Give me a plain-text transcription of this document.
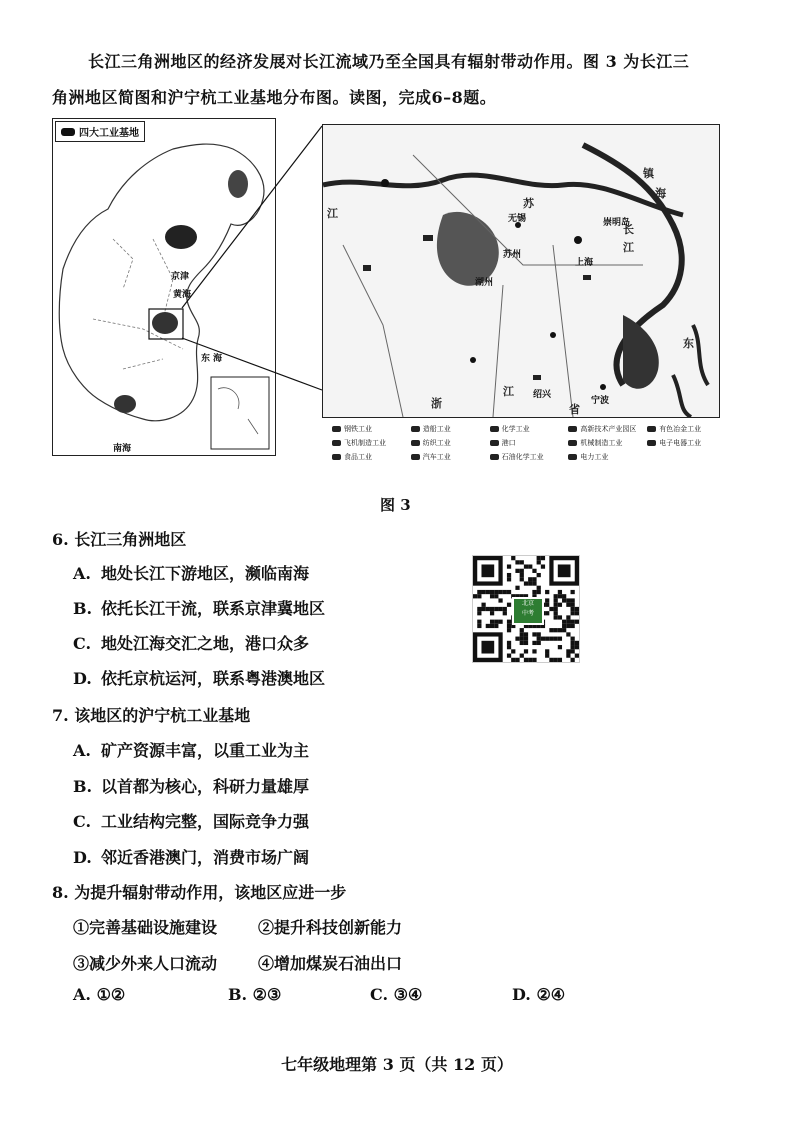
长江三角洲地区的经济发展对长江流域乃至全国具有辐射带动作用。图 3 为长江三
角洲地区简图和沪宁杭工业基地分布图。读图，完成6–8题。
四大工业基地
京津
黄海
东 海
南海
江
苏
镇
海
长
江
东
浙
江
省
无锡
苏州
湖州
绍兴
宁波
上海
崇明岛
钢铁工业	造船工业	化学工业	高新技术产业园区	有色冶金工业
飞机制造工业	纺织工业	港口	机械制造工业	电子电器工业
食品工业	汽车工业	石油化学工业	电力工业
图 3
6. 长江三角洲地区
A. 地处长江下游地区，濒临南海
B. 依托长江干流，联系京津冀地区
C. 地处江海交汇之地，港口众多
D. 依托京杭运河，联系粤港澳地区
北京
中考
7. 该地区的沪宁杭工业基地
A. 矿产资源丰富，以重工业为主
B. 以首都为核心，科研力量雄厚
C. 工业结构完整，国际竞争力强
D. 邻近香港澳门，消费市场广阔
8. 为提升辐射带动作用，该地区应进一步
①完善基础设施建设	②提升科技创新能力
③减少外来人口流动	④增加煤炭石油出口
A. ①②	B. ②③	C. ③④	D. ②④
七年级地理第 3 页（共 12 页）
